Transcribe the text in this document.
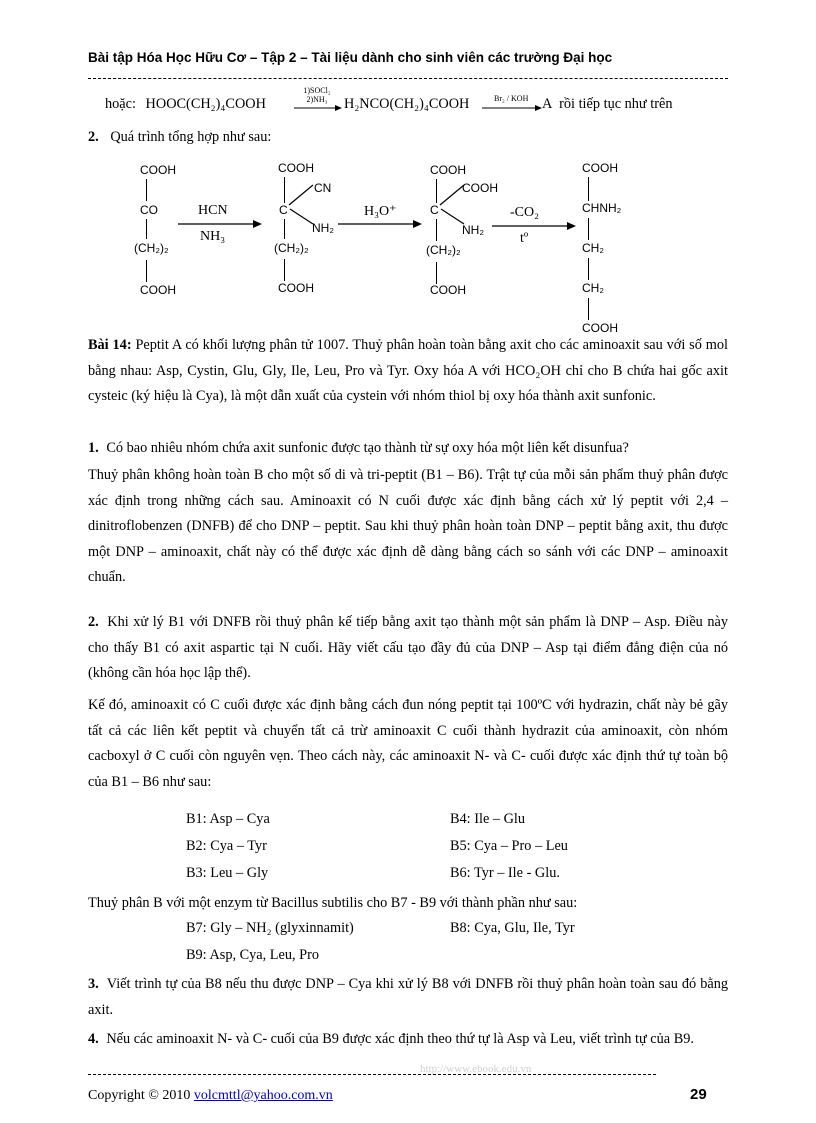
Bài tập Hóa Học Hữu Cơ – Tập 2 – Tài liệu dành cho sinh viên các trường Đại học
hoặc: HOOC(CH₂)₄COOH
1)SOCl₂
2)NH₃ → H₂NCO(CH₂)₄COOH	Br₂ / KOH → A rồi tiếp tục như trên
2. Quá trình tổng hợp như sau:
COOH
CO
(CH₂)₂
COOH
HCN
NH₃
COOH
C
CN
NH₂
(CH₂)₂
COOH
H₃O⁺
COOH
C
COOH
NH₂
(CH₂)₂
COOH
-CO₂
tº
COOH
CHNH₂
CH₂
CH₂
COOH
Bài 14: Peptit A có khối lượng phân tử 1007. Thuỷ phân hoàn toàn bằng axit cho các aminoaxit sau với số mol bằng nhau: Asp, Cystin, Glu, Gly, Ile, Leu, Pro và Tyr. Oxy hóa A với HCO₂OH chỉ cho B chứa hai gốc axit cysteic (ký hiệu là Cya), là một dẫn xuất của cystein với nhóm thiol bị oxy hóa thành axit sunfonic.
1. Có bao nhiêu nhóm chứa axit sunfonic được tạo thành từ sự oxy hóa một liên kết disunfua?
Thuỷ phân không hoàn toàn B cho một số di và tri-peptit (B1 – B6). Trật tự của mỗi sản phẩm thuỷ phân được xác định trong những cách sau. Aminoaxit có N cuối được xác định bằng cách xử lý peptit với 2,4 – dinitroflobenzen (DNFB) để cho DNP – peptit. Sau khi thuỷ phân hoàn toàn DNP – peptit bằng axit, thu được một DNP – aminoaxit, chất này có thể được xác định dễ dàng bằng cách so sánh với các DNP – aminoaxit chuẩn.
2. Khi xử lý B1 với DNFB rồi thuỷ phân kế tiếp bằng axit tạo thành một sản phẩm là DNP – Asp. Điều này cho thấy B1 có axit aspartic tại N cuối. Hãy viết cấu tạo đầy đủ của DNP – Asp tại điểm đẳng điện của nó (không cần hóa học lập thể).
Kế đó, aminoaxit có C cuối được xác định bằng cách đun nóng peptit tại 100ºC với hydrazin, chất này bẻ gãy tất cả các liên kết peptit và chuyển tất cả trừ aminoaxit C cuối thành hydrazit của aminoaxit, còn nhóm cacboxyl ở C cuối còn nguyên vẹn. Theo cách này, các aminoaxit N- và C- cuối được xác định thứ tự toàn bộ của B1 – B6 như sau:
B1: Asp – Cya	B4: Ile – Glu
B2: Cya – Tyr	B5: Cya – Pro – Leu
B3: Leu – Gly	B6: Tyr – Ile - Glu.
Thuỷ phân B với một enzym từ Bacillus subtilis cho B7 - B9 với thành phần như sau:
B7: Gly – NH₂ (glyxinnamit)	B8: Cya, Glu, Ile, Tyr
B9: Asp, Cya, Leu, Pro
3. Viết trình tự của B8 nếu thu được DNP – Cya khi xử lý B8 với DNFB rồi thuỷ phân hoàn toàn sau đó bằng axit.
4. Nếu các aminoaxit N- và C- cuối của B9 được xác định theo thứ tự là Asp và Leu, viết trình tự của B9.
http://www.ebook.edu.vn
Copyright © 2010 volcmttl@yahoo.com.vn	29
